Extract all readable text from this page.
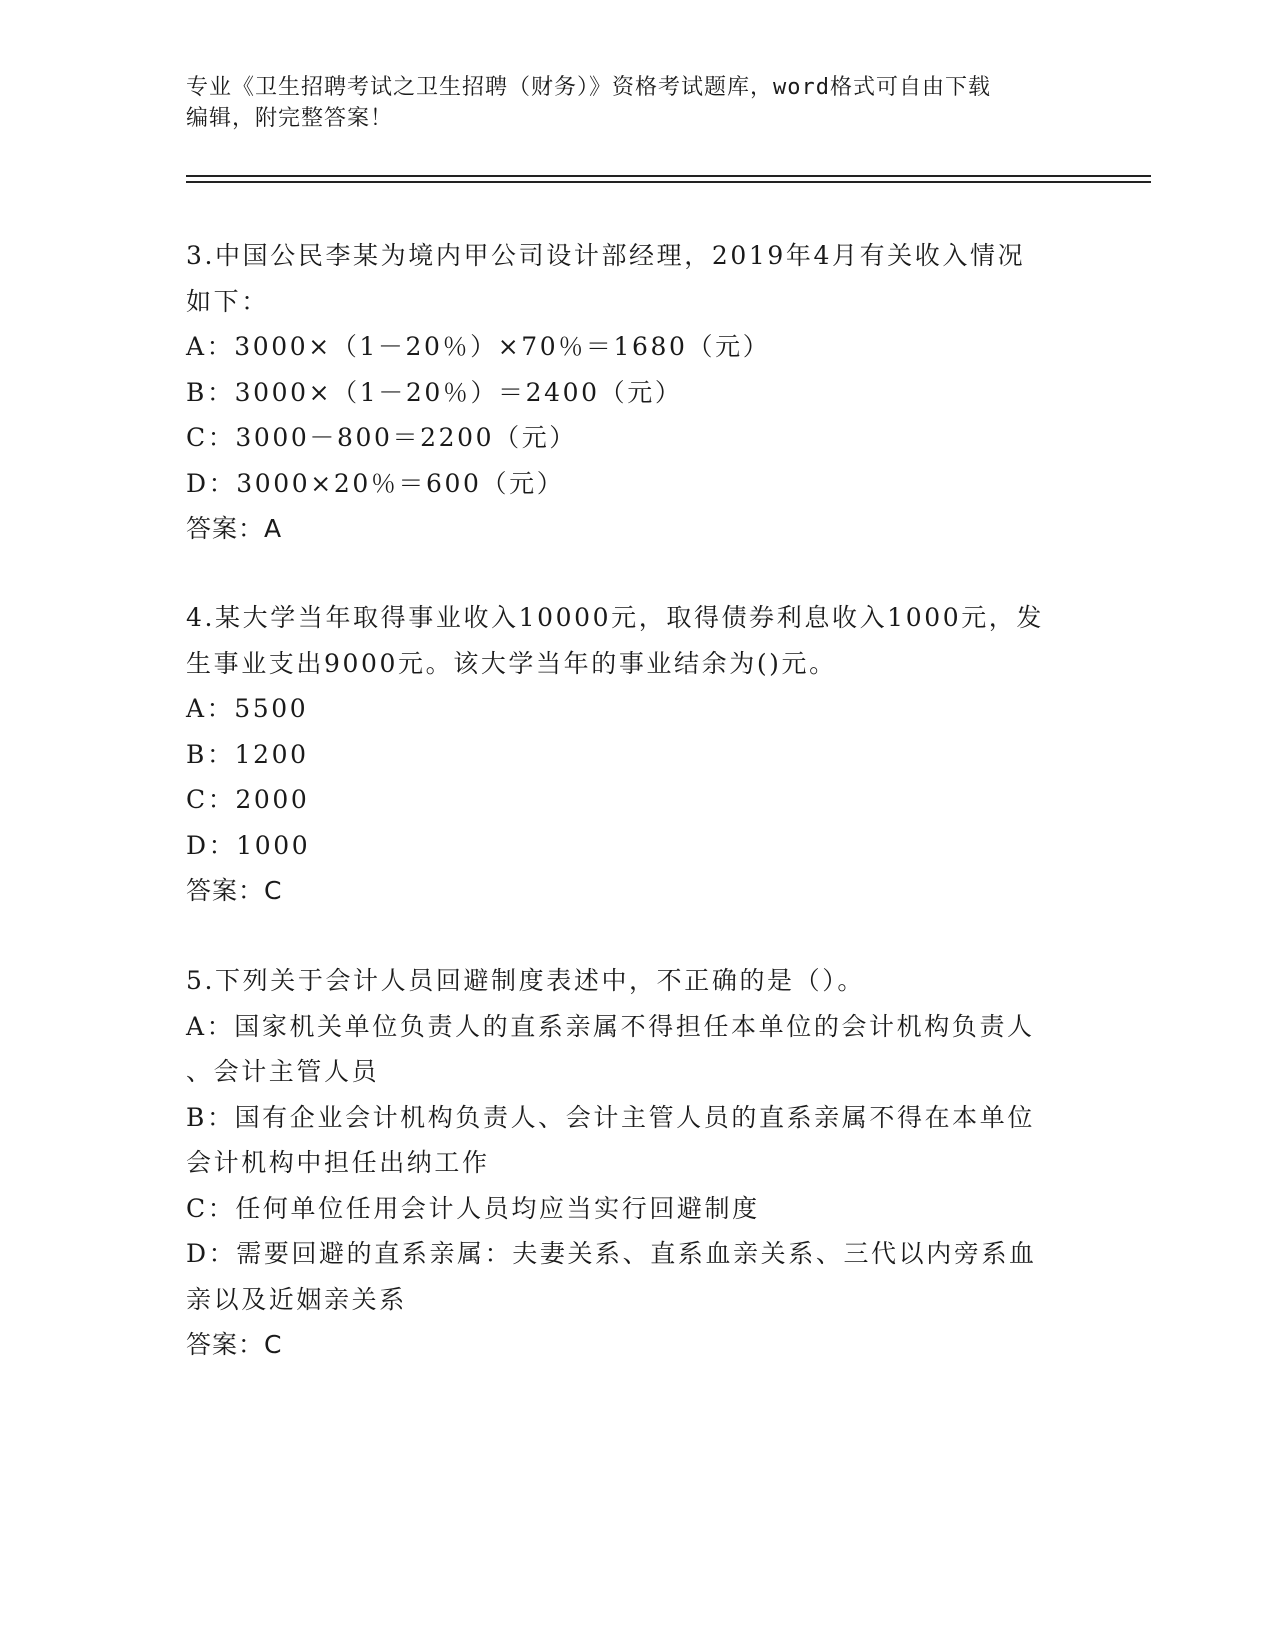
专业《卫生招聘考试之卫生招聘（财务）》资格考试题库，word格式可自由下载
编辑，附完整答案！

3.中国公民李某为境内甲公司设计部经理，2019年4月有关收入情况

如下：

A：3000×（1－20％）×70％＝1680（元）

B：3000×（1－20％）＝2400（元）

C：3000－800＝2200（元）

D：3000×20％＝600（元）

答案：A

4.某大学当年取得事业收入10000元，取得债券利息收入1000元，发

生事业支出9000元。该大学当年的事业结余为()元。

A：5500

B：1200

C：2000

D：1000

答案：C

5.下列关于会计人员回避制度表述中，不正确的是（）。

A：国家机关单位负责人的直系亲属不得担任本单位的会计机构负责人

、会计主管人员

B：国有企业会计机构负责人、会计主管人员的直系亲属不得在本单位

会计机构中担任出纳工作

C：任何单位任用会计人员均应当实行回避制度

D：需要回避的直系亲属：夫妻关系、直系血亲关系、三代以内旁系血

亲以及近姻亲关系

答案：C
